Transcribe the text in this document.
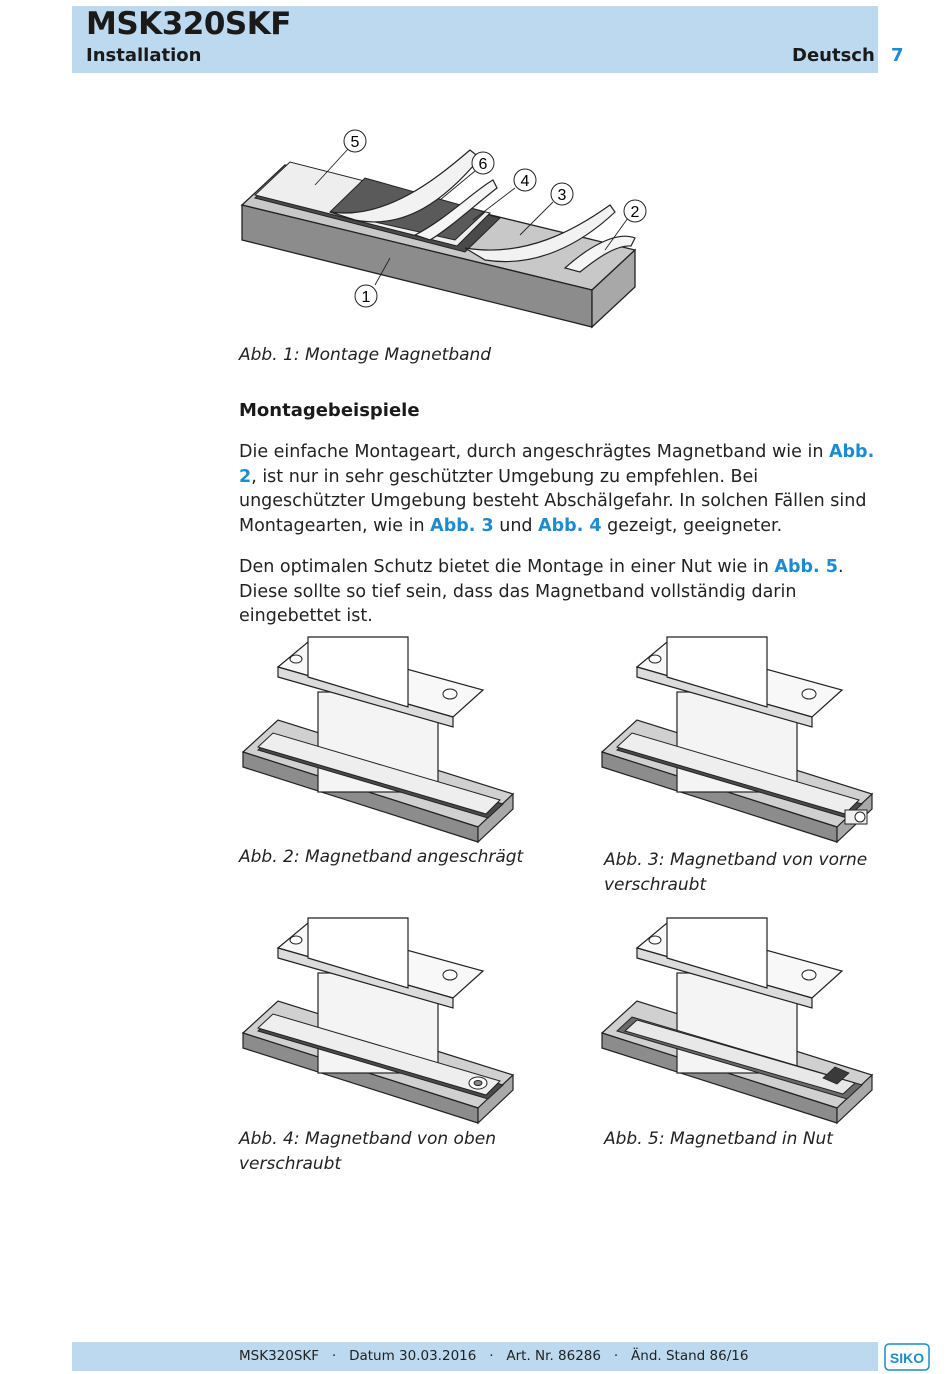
MSK320SKF
Installation	Deutsch 7
5
6
4
3
2
1
Abb. 1: Montage Magnetband
Montagebeispiele
Die einfache Montageart, durch angeschrägtes Magnetband wie in Abb. 2, ist nur in sehr geschützter Umgebung zu empfehlen. Bei ungeschützter Umgebung besteht Abschälgefahr. In solchen Fällen sind Montagearten, wie in Abb. 3 und Abb. 4 gezeigt, geeigneter.
Den optimalen Schutz bietet die Montage in einer Nut wie in Abb. 5. Diese sollte so tief sein, dass das Magnetband vollständig darin eingebettet ist.
Abb. 2: Magnetband angeschrägt	Abb. 3: Magnetband von vorne verschraubt
Abb. 4: Magnetband von oben verschraubt
Abb. 5: Magnetband in Nut
MSK320SKF · Datum 30.03.2016 · Art. Nr. 86286 · Änd. Stand 86/16	SIKO
